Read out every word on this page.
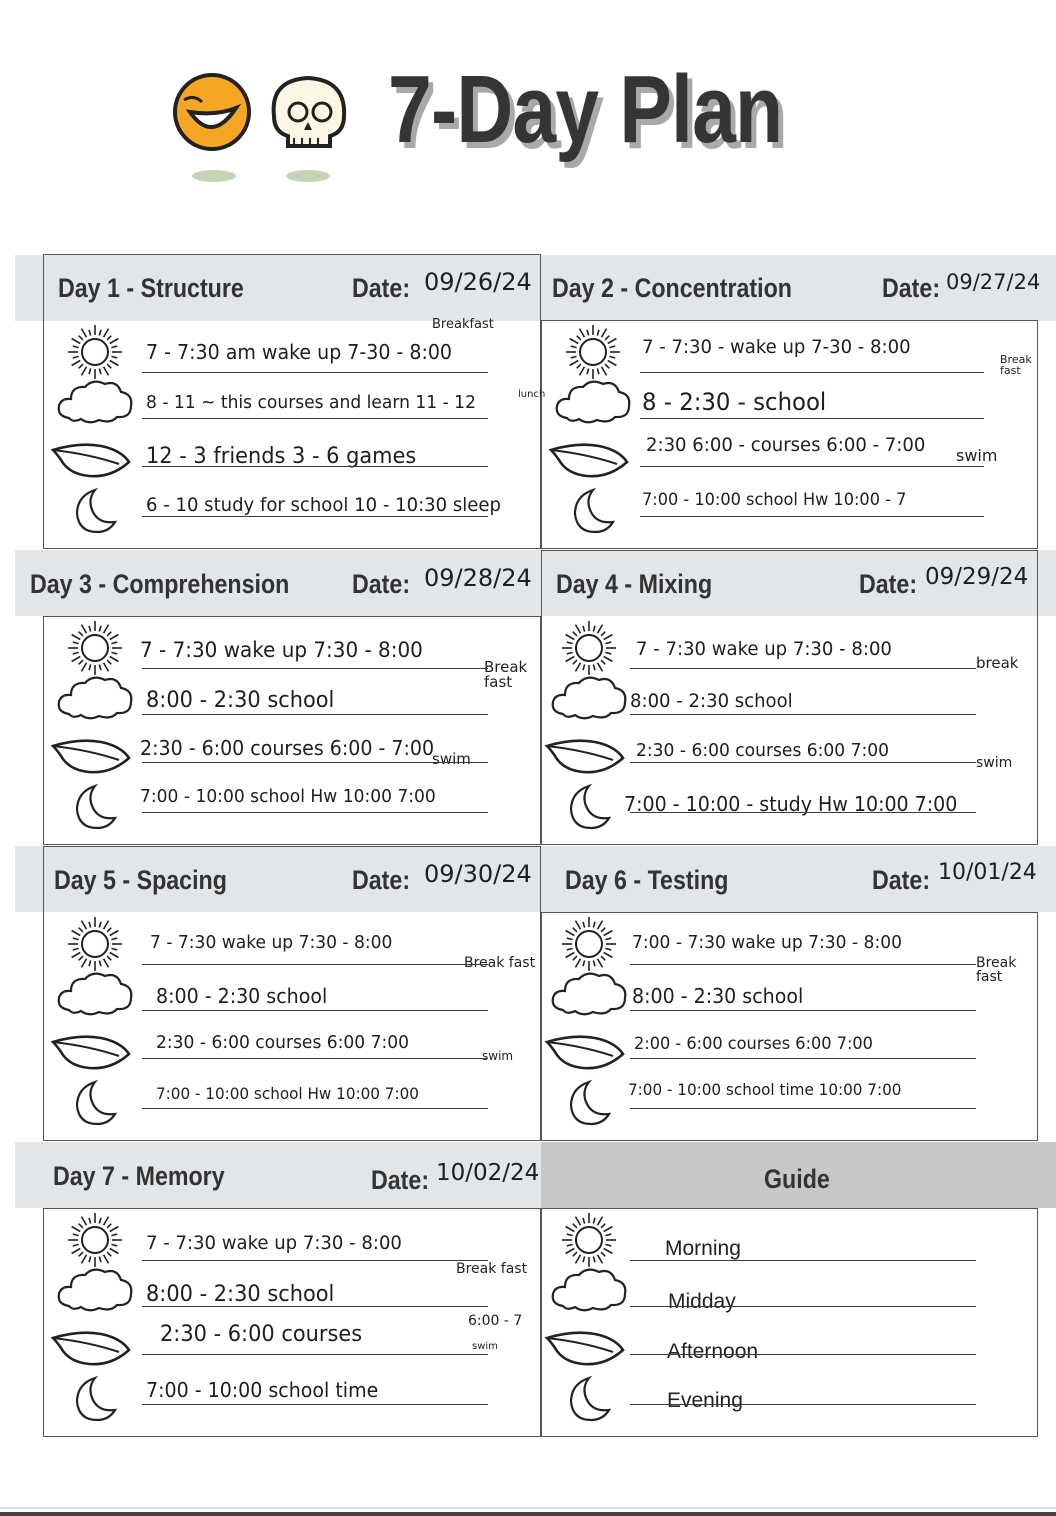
7-Day Plan
Day 1 - Structure	Date: 09/26/24 Day 2 - Concentration	Date: 09/27/24
Day 3 - Comprehension Date: 09/28/24 Day 4 - Mixing	Date: 09/29/24
Day 5 - Spacing	Date: 09/30/24 Day 6 - Testing	Date: 10/01/24
Day 7 - Memory	Date: 10/02/24	Guide
7 - 7:30 am wake up 7-30 - 8:00
8 - 11 ~ this courses and learn 11 - 12
12 - 3 friends 3 - 6 games
6 - 10 study for school 10 - 10:30 sleep
Breakfast
lunch
7 - 7:30 - wake up 7-30 - 8:00
8 - 2:30 - school
2:30 6:00 - courses 6:00 - 7:00
7:00 - 10:00 school Hw 10:00 - 7
Break fast
swim
7 - 7:30 wake up 7:30 - 8:00
8:00 - 2:30 school
2:30 - 6:00 courses 6:00 - 7:00
7:00 - 10:00 school Hw 10:00 7:00
Break fast
swim
7 - 7:30 wake up 7:30 - 8:00
8:00 - 2:30 school
2:30 - 6:00 courses 6:00 7:00
7:00 - 10:00 - study Hw 10:00 7:00
break
swim
7 - 7:30 wake up 7:30 - 8:00
8:00 - 2:30 school
2:30 - 6:00 courses 6:00 7:00
7:00 - 10:00 school Hw 10:00 7:00
Break fast
swim
7:00 - 7:30 wake up 7:30 - 8:00
8:00 - 2:30 school
2:00 - 6:00 courses 6:00 7:00
7:00 - 10:00 school time 10:00 7:00
Break fast
7 - 7:30 wake up 7:30 - 8:00
8:00 - 2:30 school
2:30 - 6:00 courses
7:00 - 10:00 school time
Break fast
6:00 - 7
swim
Morning
Midday
Afternoon
Evening
